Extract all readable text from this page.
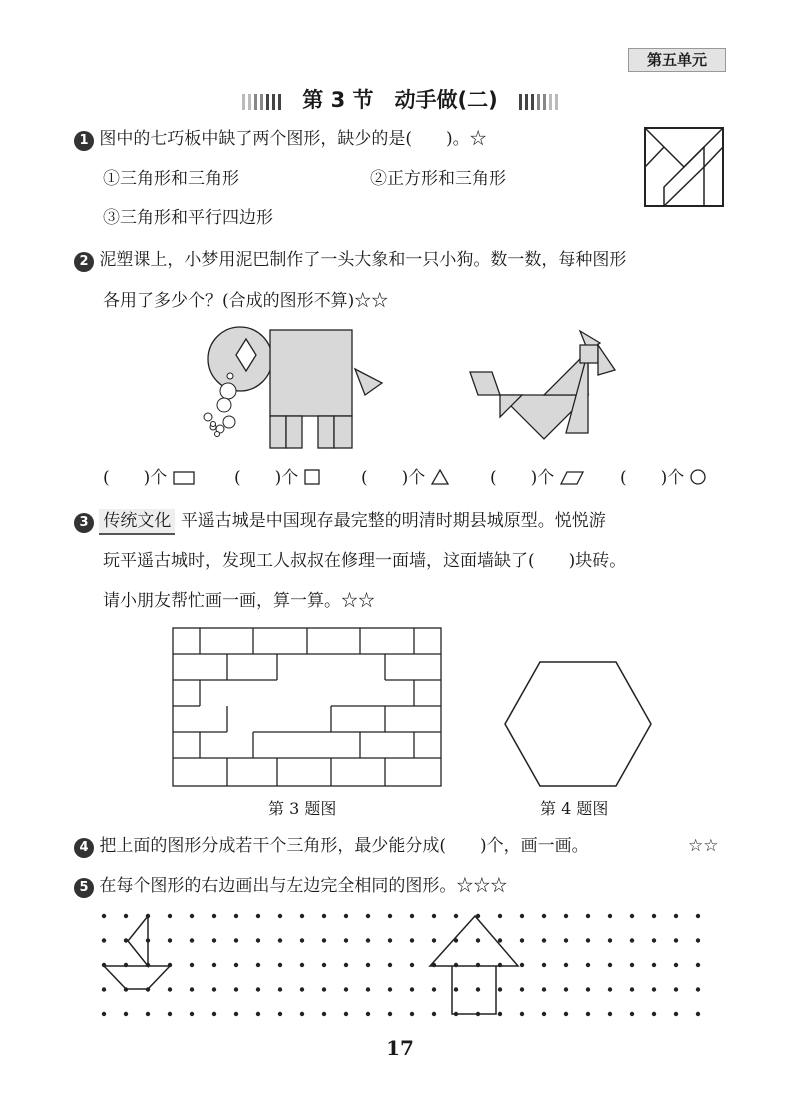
第五单元
第 3 节　动手做(二)
1 图中的七巧板中缺了两个图形，缺少的是(　　)。☆
①三角形和三角形	②正方形和三角形
③三角形和平行四边形
2 泥塑课上，小梦用泥巴制作了一头大象和一只小狗。数一数，每种图形
各用了多少个？(合成的图形不算)☆☆
(　　)个	(　　)个	(　　)个	(　　)个	(　　)个
3 传统文化 平遥古城是中国现存最完整的明清时期县城原型。悦悦游
玩平遥古城时，发现工人叔叔在修理一面墙，这面墙缺了(　　)块砖。
请小朋友帮忙画一画，算一算。☆☆
第 3 题图	第 4 题图
4 把上面的图形分成若干个三角形，最少能分成(　　)个，画一画。	☆☆
5 在每个图形的右边画出与左边完全相同的图形。☆☆☆
17
